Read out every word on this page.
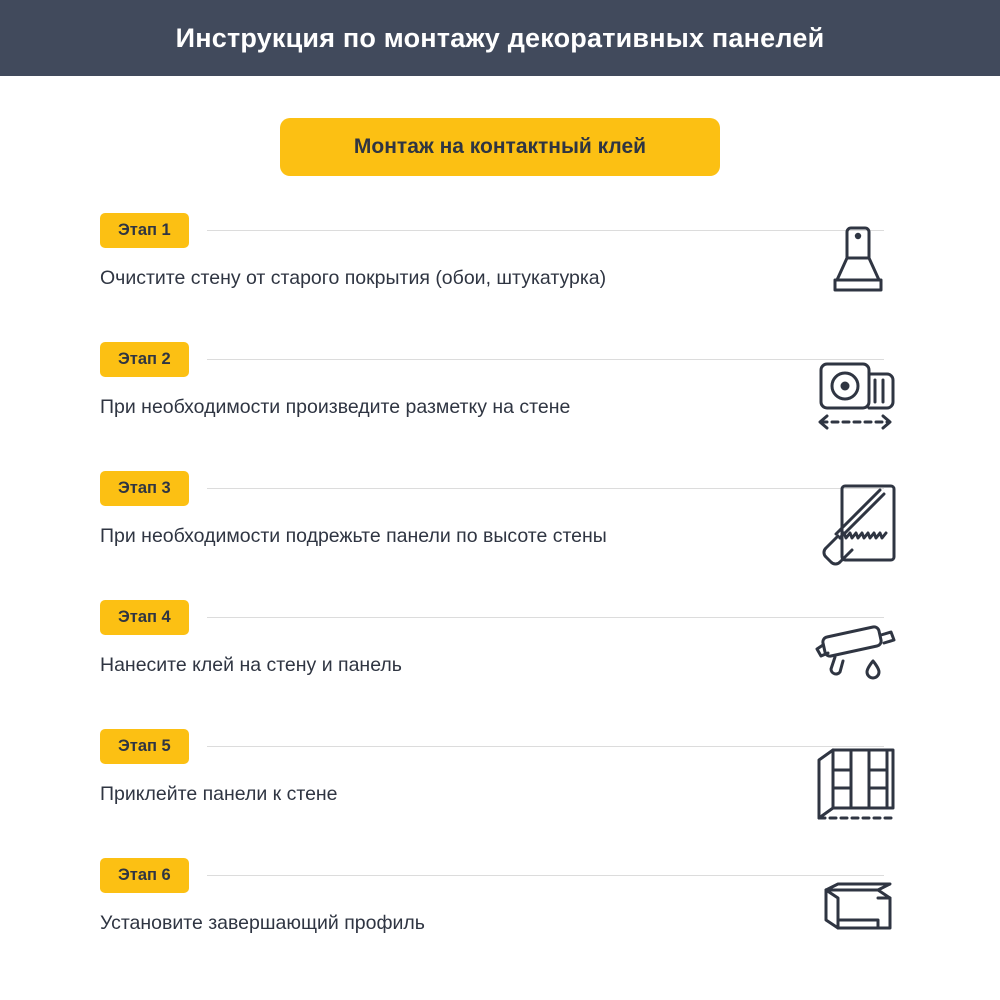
Инструкция по монтажу декоративных панелей
Монтаж на контактный клей
Этап 1
Очистите стену от старого покрытия (обои, штукатурка)
Этап 2
При необходимости произведите разметку на стене
Этап 3
При необходимости подрежьте панели по высоте стены
Этап 4
Нанесите клей на стену и панель
Этап 5
Приклейте панели к стене
Этап 6
Установите завершающий профиль
